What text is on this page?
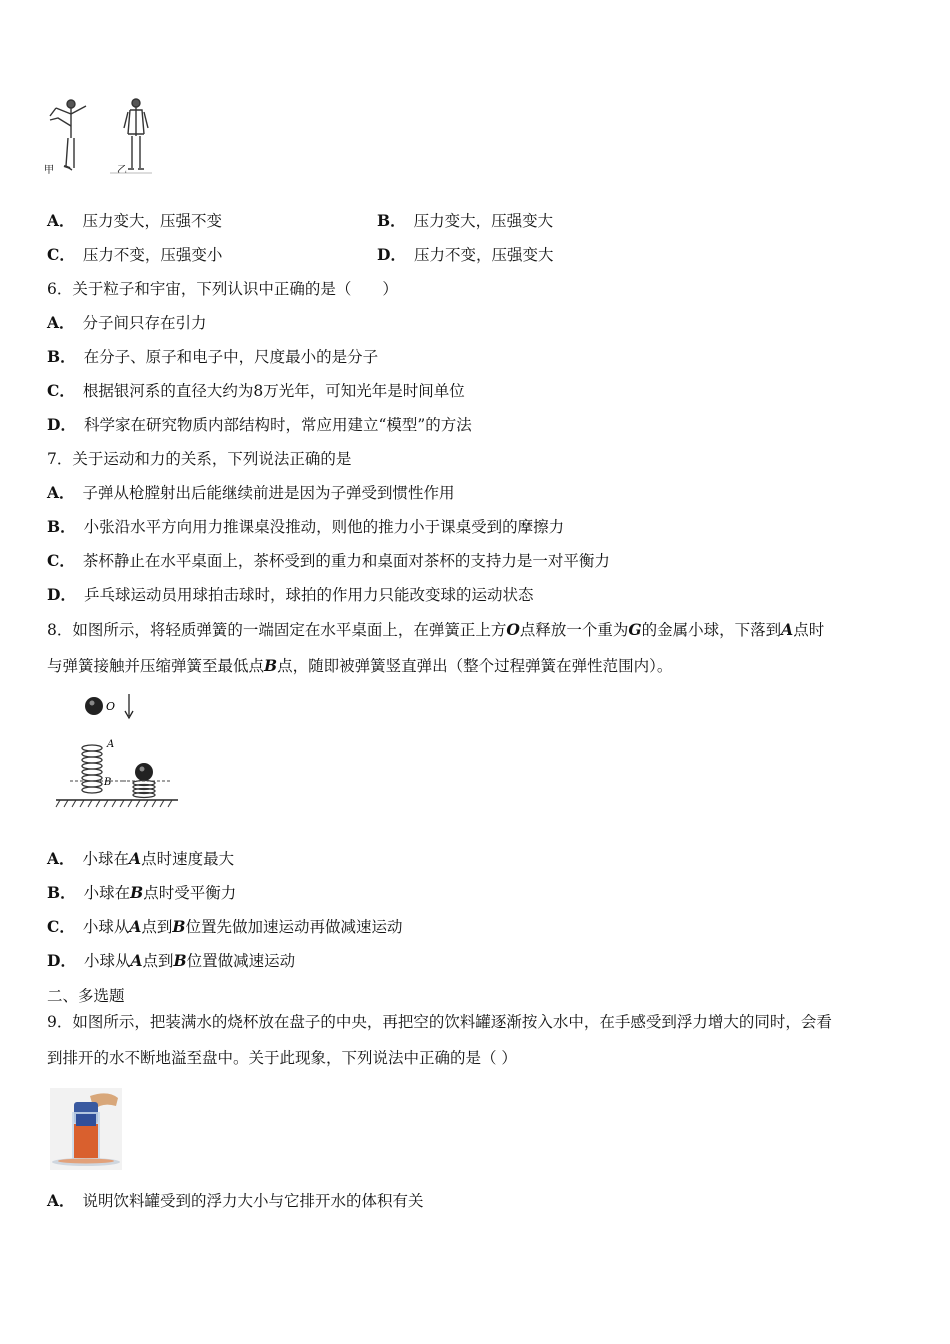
甲	乙
A． 压力变大，压强不变	B． 压力变大，压强变大
C． 压力不变，压强变小	D． 压力不变，压强变大
6．关于粒子和宇宙，下列认识中正确的是（　　）
A． 分子间只存在引力
B． 在分子、原子和电子中，尺度最小的是分子
C． 根据银河系的直径大约为8万光年，可知光年是时间单位
D． 科学家在研究物质内部结构时，常应用建立“模型”的方法
7．关于运动和力的关系，下列说法正确的是
A． 子弹从枪膛射出后能继续前进是因为子弹受到惯性作用
B． 小张沿水平方向用力推课桌没推动，则他的推力小于课桌受到的摩擦力
C． 茶杯静止在水平桌面上，茶杯受到的重力和桌面对茶杯的支持力是一对平衡力
D． 乒乓球运动员用球拍击球时，球拍的作用力只能改变球的运动状态
8．如图所示，将轻质弹簧的一端固定在水平桌面上，在弹簧正上方O点释放一个重为G的金属小球，下落到A点时
与弹簧接触并压缩弹簧至最低点B点，随即被弹簧竖直弹出（整个过程弹簧在弹性范围内）。
O
A
B
A． 小球在A点时速度最大
B． 小球在B点时受平衡力
C． 小球从A点到B位置先做加速运动再做减速运动
D． 小球从A点到B位置做减速运动
二、多选题
9．如图所示，把装满水的烧杯放在盘子的中央，再把空的饮料罐逐渐按入水中，在手感受到浮力增大的同时，会看
到排开的水不断地溢至盘中。关于此现象，下列说法中正确的是（ ）
A． 说明饮料罐受到的浮力大小与它排开水的体积有关
